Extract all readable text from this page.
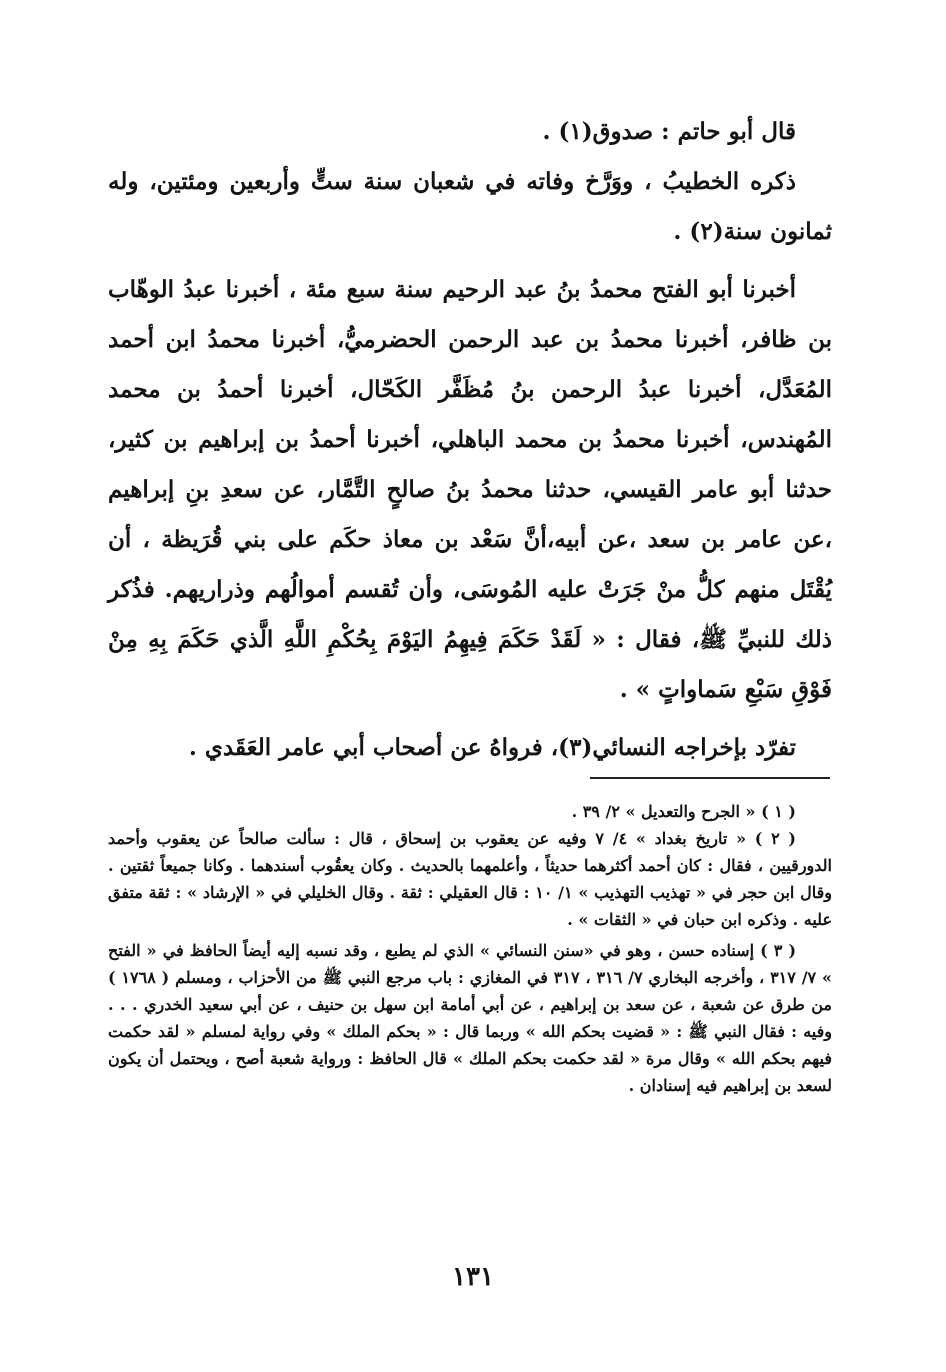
قال أبو حاتم : صدوق(١) .

ذكره الخطيبُ ، ووَرَّخ وفاته في شعبان سنة ستٍّ وأربعين ومئتين، وله ثمانون سنة(٢) .

أخبرنا أبو الفتح محمدُ بنُ عبد الرحيم سنة سبع مئة ، أخبرنا عبدُ الوهّاب بن ظافر، أخبرنا محمدُ بن عبد الرحمن الحضرميُّ، أخبرنا محمدُ ابن أحمد المُعَدَّل، أخبرنا عبدُ الرحمن بنُ مُظَفَّر الكَحّال، أخبرنا أحمدُ بن محمد المُهندس، أخبرنا محمدُ بن محمد الباهلي، أخبرنا أحمدُ بن إبراهيم بن كثير، حدثنا أبو عامر القيسي، حدثنا محمدُ بنُ صالحٍ التَّمَّار، عن سعدِ بنِ إبراهيم ،عن عامر بن سعد ،عن أبيه،أنَّ سَعْد بن معاذ حكَم على بني قُرَيظة ، أن يُقْتَل منهم كلُّ منْ جَرَتْ عليه المُوسَى، وأن تُقسم أموالُهم وذراريهم. فذُكر ذلك للنبيِّ ﷺ، فقال : « لَقَدْ حَكَمَ فِيهِمُ اليَوْمَ بِحُكْمِ اللَّهِ الَّذي حَكَمَ بِهِ مِنْ فَوْقِ سَبْعِ سَماواتٍ » .

تفرّد بإخراجه النسائي(٣)، فرواهُ عن أصحاب أبي عامر العَقَدي .

( ١ ) « الجرح والتعديل » ٢/ ٣٩ .

( ٢ ) « تاريخ بغداد » ٤/ ٧ وفيه عن يعقوب بن إسحاق ، قال : سألت صالحاً عن يعقوب وأحمد الدورقيين ، فقال : كان أحمد أكثرهما حديثاً ، وأعلمهما بالحديث . وكان يعقُوب أسندهما . وكانا جميعاً ثقتين . وقال ابن حجر في « تهذيب التهذيب » ١/ ١٠ : قال العقيلي : ثقة . وقال الخليلي في « الإرشاد » : ثقة متفق عليه . وذكره ابن حبان في « الثقات » .

( ٣ ) إسناده حسن ، وهو في «سنن النسائي » الذي لم يطبع ، وقد نسبه إليه أيضاً الحافظ في « الفتح » ٧/ ٣١٧ ، وأخرجه البخاري ٧/ ٣١٦ ، ٣١٧ في المغازي : باب مرجع النبي ﷺ من الأحزاب ، ومسلم ( ١٧٦٨ ) من طرق عن شعبة ، عن سعد بن إبراهيم ، عن أبي أمامة ابن سهل بن حنيف ، عن أبي سعيد الخدري . . . وفيه : فقال النبي ﷺ : « قضيت بحكم الله » وربما قال : « بحكم الملك » وفي رواية لمسلم « لقد حكمت فيهم بحكم الله » وقال مرة « لقد حكمت بحكم الملك » قال الحافظ : ورواية شعبة أصح ، ويحتمل أن يكون لسعد بن إبراهيم فيه إسنادان .

١٣١
